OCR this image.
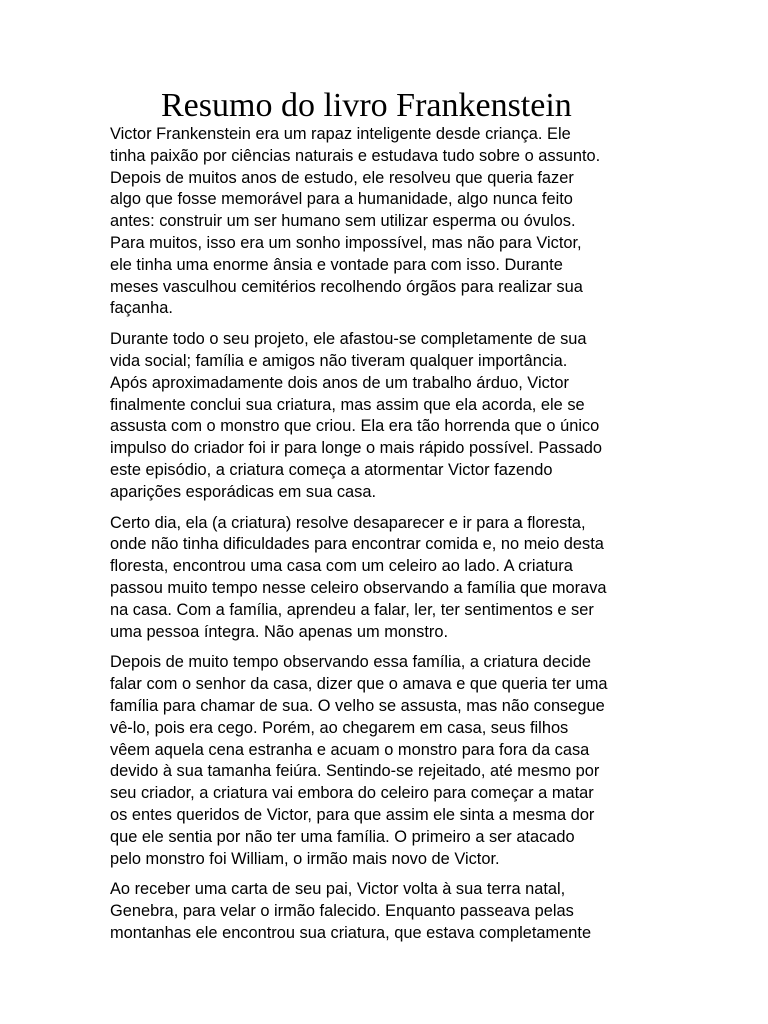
Resumo do livro Frankenstein

Victor Frankenstein era um rapaz inteligente desde criança. Ele
tinha paixão por ciências naturais e estudava tudo sobre o assunto.
Depois de muitos anos de estudo, ele resolveu que queria fazer
algo que fosse memorável para a humanidade, algo nunca feito
antes: construir um ser humano sem utilizar esperma ou óvulos.
Para muitos, isso era um sonho impossível, mas não para Victor,
ele tinha uma enorme ânsia e vontade para com isso. Durante
meses vasculhou cemitérios recolhendo órgãos para realizar sua
façanha.

Durante todo o seu projeto, ele afastou-se completamente de sua
vida social; família e amigos não tiveram qualquer importância.
Após aproximadamente dois anos de um trabalho árduo, Victor
finalmente conclui sua criatura, mas assim que ela acorda, ele se
assusta com o monstro que criou. Ela era tão horrenda que o único
impulso do criador foi ir para longe o mais rápido possível. Passado
este episódio, a criatura começa a atormentar Victor fazendo
aparições esporádicas em sua casa.

Certo dia, ela (a criatura) resolve desaparecer e ir para a floresta,
onde não tinha dificuldades para encontrar comida e, no meio desta
floresta, encontrou uma casa com um celeiro ao lado. A criatura
passou muito tempo nesse celeiro observando a família que morava
na casa. Com a família, aprendeu a falar, ler, ter sentimentos e ser
uma pessoa íntegra. Não apenas um monstro.

Depois de muito tempo observando essa família, a criatura decide
falar com o senhor da casa, dizer que o amava e que queria ter uma
família para chamar de sua. O velho se assusta, mas não consegue
vê-lo, pois era cego. Porém, ao chegarem em casa, seus filhos
vêem aquela cena estranha e acuam o monstro para fora da casa
devido à sua tamanha feiúra. Sentindo-se rejeitado, até mesmo por
seu criador, a criatura vai embora do celeiro para começar a matar
os entes queridos de Victor, para que assim ele sinta a mesma dor
que ele sentia por não ter uma família. O primeiro a ser atacado
pelo monstro foi William, o irmão mais novo de Victor.

Ao receber uma carta de seu pai, Victor volta à sua terra natal,
Genebra, para velar o irmão falecido. Enquanto passeava pelas
montanhas ele encontrou sua criatura, que estava completamente
